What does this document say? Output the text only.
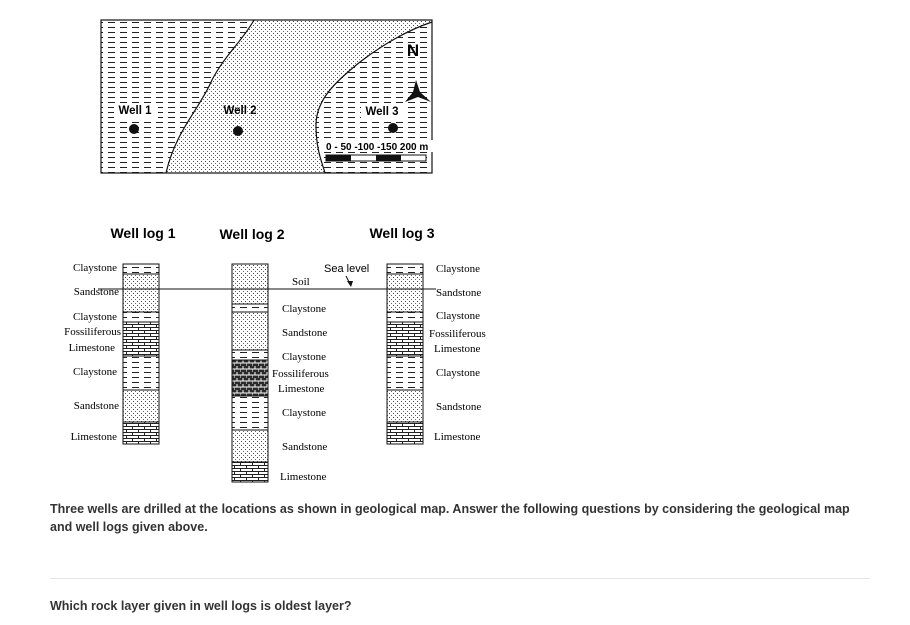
N
Well 1	Well 2	Well 3
0 - 50 -100 -150 200 m
Well log 1	Well log 2	Well log 3
Claystone
Sandstone
Claystone
Fossiliferous
Limestone
Claystone
Sandstone
Limestone
Soil
Claystone
Sandstone
Claystone
Fossiliferous
Limestone
Claystone
Sandstone
Limestone
Claystone
Sandstone
Claystone
Fossiliferous
Limestone
Claystone
Sandstone
Limestone
Sea level

Three wells are drilled at the locations as shown in geological map. Answer the following questions by considering the geological map and well logs given above.

Which rock layer given in well logs is oldest layer?
